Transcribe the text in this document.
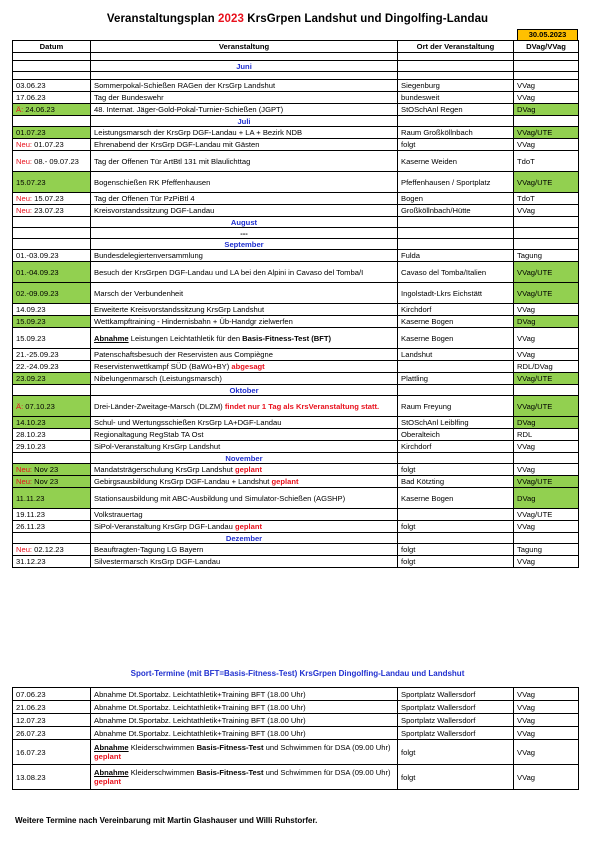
Veranstaltungsplan 2023 KrsGrpen Landshut und Dingolfing-Landau
30.05.2023
Datum	Veranstaltung	Ort der Veranstaltung	DVag/VVag

	Juni		

03.06.23	Sommerpokal-Schießen RAGen der KrsGrp Landshut	Siegenburg	VVag
17.06.23	Tag der Bundeswehr	bundesweit	VVag
Ä: 24.06.23	48. Internat. Jäger-Gold-Pokal-Turnier-Schießen (JGPT)	StOSchAnl Regen	DVag
	Juli		
01.07.23	Leistungsmarsch der KrsGrp DGF-Landau + LA + Bezirk NDB	Raum Großköllnbach	VVag/UTE
Neu: 01.07.23	Ehrenabend der KrsGrp DGF-Landau mit Gästen	folgt	VVag
Neu: 08.- 09.07.23	Tag der Offenen Tür ArtBtl 131 mit Blaulichttag	Kaserne Weiden	TdoT
15.07.23	Bogenschießen RK Pfeffenhausen	Pfeffenhausen / Sportplatz	VVag/UTE
Neu: 15.07.23	Tag der Offenen Tür PzPiBtl 4	Bogen	TdoT
Neu: 23.07.23	Kreisvorstandssitzung DGF-Landau	Großköllnbach/Hütte	VVag
	August		
	---		
	September		
01.-03.09.23	Bundesdelegiertenversammlung	Fulda	Tagung
01.-04.09.23	Besuch der KrsGrpen DGF-Landau und LA bei den Alpini in Cavaso del Tomba/I	Cavaso del Tomba/Italien	VVag/UTE
02.-09.09.23	Marsch der Verbundenheit	Ingolstadt-Lkrs Eichstätt	VVag/UTE
14.09.23	Erweiterte Kreisvorstandssitzung KrsGrp Landshut	Kirchdorf	VVag
15.09.23	Wettkampftraining - Hindernisbahn + Üb-Handgr zielwerfen	Kaserne Bogen	DVag
15.09.23	Abnahme Leistungen Leichtathletik für den Basis-Fitness-Test (BFT)	Kaserne Bogen	VVag
21.-25.09.23	Patenschaftsbesuch der Reservisten aus Compiègne	Landshut	VVag
22.-24.09.23	Reservistenwettkampf SÜD (BaWü+BY) abgesagt		RDL/DVag
23.09.23	Nibelungenmarsch (Leistungsmarsch)	Plattling	VVag/UTE
	Oktober		
Ä: 07.10.23	Drei-Länder-Zweitage-Marsch (DLZM) findet nur 1 Tag als KrsVeranstaltung statt.	Raum Freyung	VVag/UTE
14.10.23	Schul- und Wertungsschießen KrsGrp LA+DGF-Landau	StOSchAnl Leiblfing	DVag
28.10.23	Regionaltagung RegStab TA Ost	Oberalteich	RDL
29.10.23	SiPol-Veranstaltung KrsGrp Landshut	Kirchdorf	VVag
	November		
Neu: Nov 23	Mandatsträgerschulung KrsGrp Landshut geplant	folgt	VVag
Neu: Nov 23	Gebirgsausbildung KrsGrp DGF-Landau + Landshut geplant	Bad Kötzting	VVag/UTE
11.11.23	Stationsausbildung mit ABC-Ausbildung und Simulator-Schießen (AGSHP)	Kaserne Bogen	DVag
19.11.23	Volkstrauertag		VVag/UTE
26.11.23	SiPol-Veranstaltung KrsGrp DGF-Landau geplant	folgt	VVag
	Dezember		
Neu: 02.12.23	Beauftragten-Tagung LG Bayern	folgt	Tagung
31.12.23	Silvestermarsch KrsGrp DGF-Landau	folgt	VVag
Sport-Termine (mit BFT=Basis-Fitness-Test) KrsGrpen Dingolfing-Landau und Landshut
07.06.23	Abnahme Dt.Sportabz. Leichtathletik+Training BFT (18.00 Uhr)	Sportplatz Wallersdorf	VVag
21.06.23	Abnahme Dt.Sportabz. Leichtathletik+Training BFT (18.00 Uhr)	Sportplatz Wallersdorf	VVag
12.07.23	Abnahme Dt.Sportabz. Leichtathletik+Training BFT (18.00 Uhr)	Sportplatz Wallersdorf	VVag
26.07.23	Abnahme Dt.Sportabz. Leichtathletik+Training BFT (18.00 Uhr)	Sportplatz Wallersdorf	VVag
16.07.23	Abnahme Kleiderschwimmen Basis-Fitness-Test und Schwimmen für DSA (09.00 Uhr) geplant	folgt	VVag
13.08.23	Abnahme Kleiderschwimmen Basis-Fitness-Test und Schwimmen für DSA (09.00 Uhr) geplant	folgt	VVag
Weitere Termine nach Vereinbarung mit Martin Glashauser und Willi Ruhstorfer.
